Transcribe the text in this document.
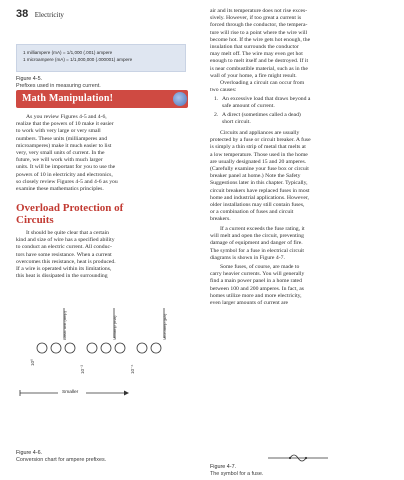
38 Electricity
1 milliampere (mA) = 1/1,000 (.001) ampere
1 microampere (mA) = 1/1,000,000 (.000001) ampere
Figure 4-5.
Prefixes used in measuring current.
Math Manipulation!
As you review Figures 4-5 and 4-6,
realize that the powers of 10 make it easier
to work with very large or very small
numbers. These units (milliamperes and
microamperes) make it much easier to list
very, very small units of current. In the
future, we will work with much larger
units. It will be important for you to use the
powers of 10 in electricity and electronics,
so closely review Figures 4-5 and 4-6 as you
examine these mathematics principles.
Overload Protection of
Circuits
It should be quite clear that a certain
kind and size of wire has a specified ability
to conduct an electric current. All conduc-
tors have some resistance. When a current
overcomes this resistance, heat is produced.
If a wire is operated within its limitations,
this heat is dissipated in the surrounding
Basic unit (amp)	Milliamp (mA)	Microamp (μA)
10⁰
10⁻³	10⁻⁶
Smaller
Figure 4-6.
Conversion chart for ampere prefixes.
air and its temperature does not rise exces-
sively. However, if too great a current is
forced through the conductor, the tempera-
ture will rise to a point where the wire will
become hot. If the wire gets hot enough, the
insulation that surrounds the conductor
may melt off. The wire may even get hot
enough to melt itself and be destroyed. If it
is near combustible material, such as in the
wall of your home, a fire might result.
Overloading a circuit can occur from
two causes:
1. An excessive load that draws beyond a
safe amount of current.
2. A direct (sometimes called a dead)
short circuit.
Circuits and appliances are usually
protected by a fuse or circuit breaker. A fuse
is simply a thin strip of metal that melts at
a low temperature. Those used in the home
are usually designated 15 and 20 amperes.
(Carefully examine your fuse box or circuit
breaker panel at home.) Note the Safety
Suggestions later in this chapter. Typically,
circuit breakers have replaced fuses in most
home and industrial applications. However,
older installations may still contain fuses,
or a combination of fuses and circuit
breakers.
If a current exceeds the fuse rating, it
will melt and open the circuit, preventing
damage of equipment and danger of fire.
The symbol for a fuse in electrical circuit
diagrams is shown in Figure 4-7.
Some fuses, of course, are made to
carry heavier currents. You will generally
find a main power panel in a home rated
between 100 and 200 amperes. In fact, as
homes utilize more and more electricity,
even larger amounts of current are
Figure 4-7.
The symbol for a fuse.
